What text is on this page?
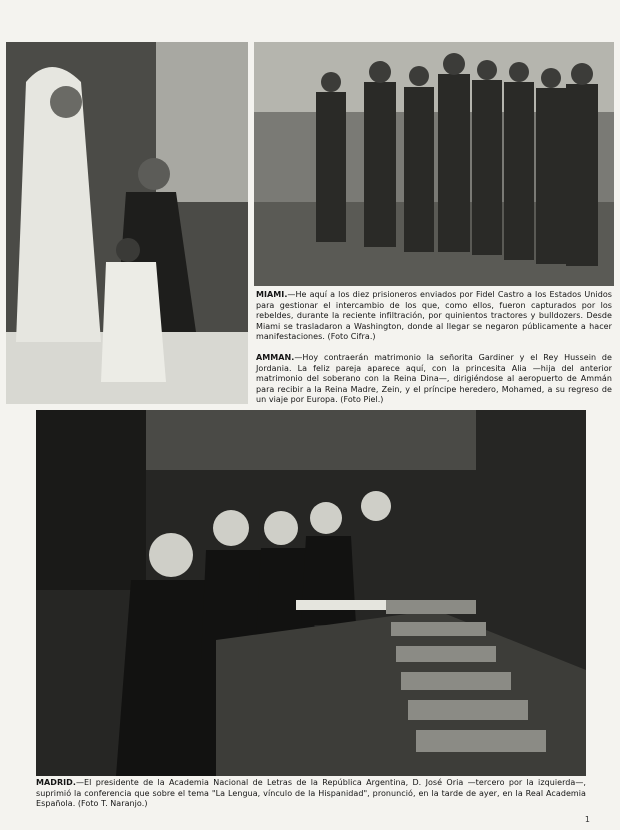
MIAMI.—He aquí a los diez prisioneros enviados por Fidel Castro a los Estados Unidos para gestionar el intercambio de los que, como ellos, fueron capturados por los rebeldes, durante la reciente infiltración, por quinientos tractores y bulldozers. Desde Miami se trasladaron a Washington, donde al llegar se negaron públicamente a hacer manifestaciones. (Foto Cifra.)
AMMAN.—Hoy contraerán matrimonio la señorita Gardiner y el Rey Hussein de Jordania. La feliz pareja aparece aquí, con la princesita Alia —hija del anterior matrimonio del soberano con la Reina Dina—, dirigiéndose al aeropuerto de Ammán para recibir a la Reina Madre, Zein, y el príncipe heredero, Mohamed, a su regreso de un viaje por Europa. (Foto Piel.)
MADRID.—El presidente de la Academia Nacional de Letras de la República Argentina, D. José Oria —tercero por la izquierda—, suprimió la conferencia que sobre el tema "La Lengua, vínculo de la Hispanidad", pronunció, en la tarde de ayer, en la Real Academia Española. (Foto T. Naranjo.)
1
